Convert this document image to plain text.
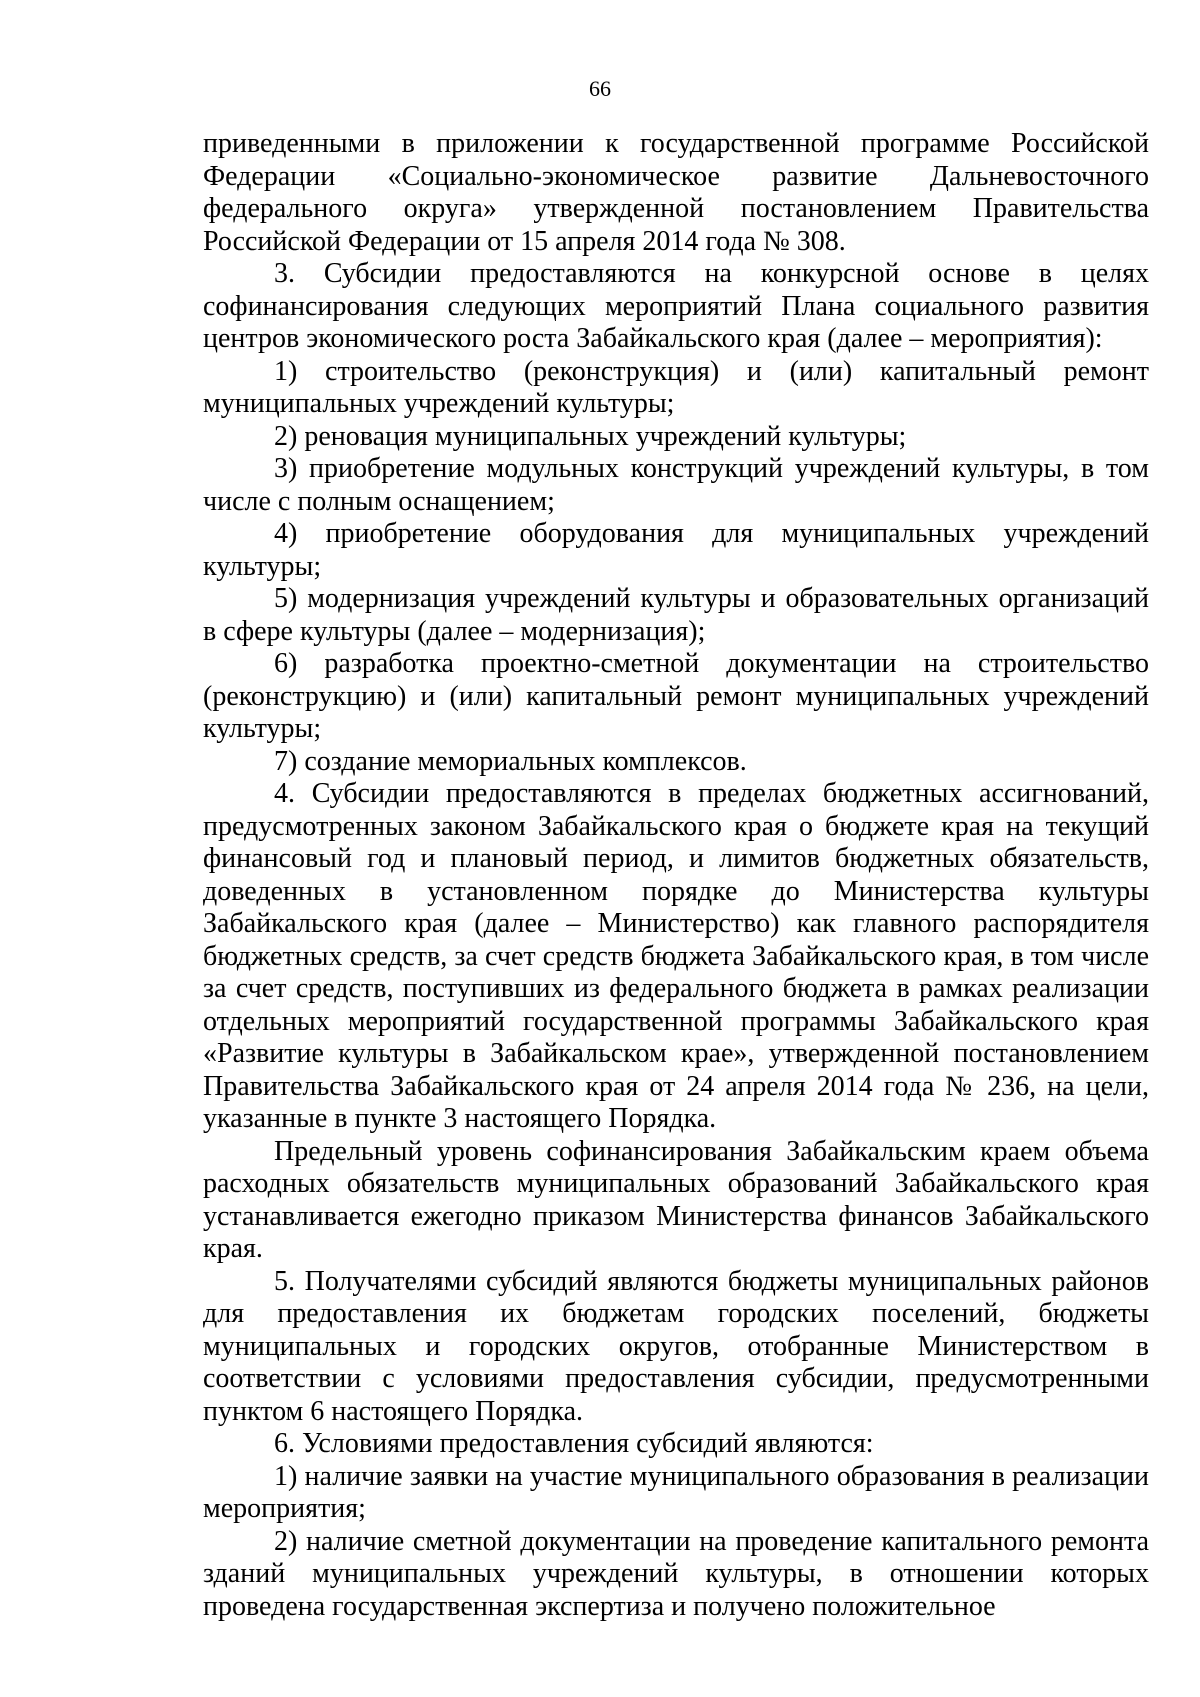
66

приведенными в приложении к государственной программе Российской Федерации «Социально-экономическое развитие Дальневосточного федерального округа» утвержденной постановлением Правительства Российской Федерации от 15 апреля 2014 года № 308.

3. Субсидии предоставляются на конкурсной основе в целях софинансирования следующих мероприятий Плана социального развития центров экономического роста Забайкальского края (далее – мероприятия):

1) строительство (реконструкция) и (или) капитальный ремонт муниципальных учреждений культуры;

2) реновация муниципальных учреждений культуры;

3) приобретение модульных конструкций учреждений культуры, в том числе с полным оснащением;

4) приобретение оборудования для муниципальных учреждений культуры;

5) модернизация учреждений культуры и образовательных организаций в сфере культуры (далее – модернизация);

6) разработка проектно-сметной документации на строительство (реконструкцию) и (или) капитальный ремонт муниципальных учреждений культуры;

7) создание мемориальных комплексов.

4. Субсидии предоставляются в пределах бюджетных ассигнований, предусмотренных законом Забайкальского края о бюджете края на текущий финансовый год и плановый период, и лимитов бюджетных обязательств, доведенных в установленном порядке до Министерства культуры Забайкальского края (далее – Министерство) как главного распорядителя бюджетных средств, за счет средств бюджета Забайкальского края, в том числе за счет средств, поступивших из федерального бюджета в рамках реализации отдельных мероприятий государственной программы Забайкальского края «Развитие культуры в Забайкальском крае», утвержденной постановлением Правительства Забайкальского края от 24 апреля 2014 года № 236, на цели, указанные в пункте 3 настоящего Порядка.

Предельный уровень софинансирования Забайкальским краем объема расходных обязательств муниципальных образований Забайкальского края устанавливается ежегодно приказом Министерства финансов Забайкальского края.

5. Получателями субсидий являются бюджеты муниципальных районов для предоставления их бюджетам городских поселений, бюджеты муниципальных и городских округов, отобранные Министерством в соответствии с условиями предоставления субсидии, предусмотренными пунктом 6 настоящего Порядка.

6. Условиями предоставления субсидий являются:

1) наличие заявки на участие муниципального образования в реализации мероприятия;

2) наличие сметной документации на проведение капитального ремонта зданий муниципальных учреждений культуры, в отношении которых проведена государственная экспертиза и получено положительное
